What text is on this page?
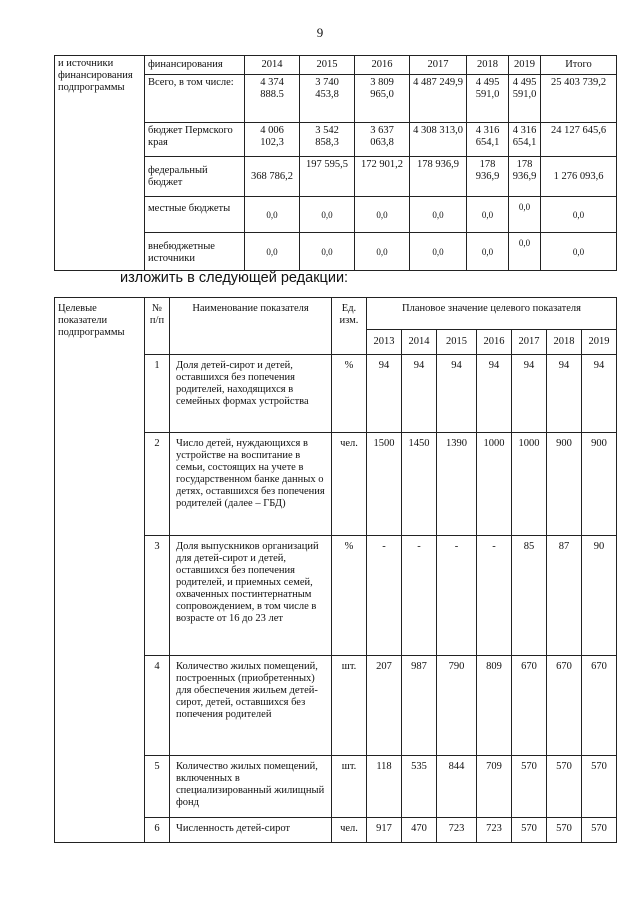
9
и источники
финансирования
подпрограммы	финансирования	2014	2015	2016	2017	2018	2019	Итого
	Всего, в том числе:	4 374 888.5	3 740 453,8	3 809 965,0	4 487 249,9	4 495 591,0	4 495 591,0	25 403 739,2
	бюджет Пермского края	4 006 102,3	3 542 858,3	3 637 063,8	4 308 313,0	4 316 654,1	4 316 654,1	24 127 645,6
	федеральный бюджет	368 786,2	197 595,5	172 901,2	178 936,9	178 936,9	178 936,9	1 276 093,6
	местные бюджеты	0,0	0,0	0,0	0,0	0,0	0,0	0,0
	внебюджетные источники	0,0	0,0	0,0	0,0	0,0	0,0	0,0
изложить в следующей редакции:
Целевые показатели подпрограммы	№ п/п	Наименование показателя	Ед. изм.	Плановое значение целевого показателя						
				2013	2014	2015	2016	2017	2018	2019
	1	Доля детей-сирот и детей, оставшихся без попечения родителей, находящихся в семейных формах устройства	%	94	94	94	94	94	94	94
	2	Число детей, нуждающихся в устройстве на воспитание в семьи, состоящих на учете в государственном банке данных о детях, оставшихся без попечения родителей (далее – ГБД)	чел.	1500	1450	1390	1000	1000	900	900
	3	Доля выпускников организаций для детей-сирот и детей, оставшихся без попечения родителей, и приемных семей, охваченных постинтернатным сопровождением, в том числе в возрасте от 16 до 23 лет	%	-	-	-	-	85	87	90
	4	Количество жилых помещений, построенных (приобретенных) для обеспечения жильем детей-сирот, детей, оставшихся без попечения родителей	шт.	207	987	790	809	670	670	670
	5	Количество жилых помещений, включенных в специализированный жилищный фонд	шт.	118	535	844	709	570	570	570
	6	Численность детей-сирот	чел.	917	470	723	723	570	570	570
